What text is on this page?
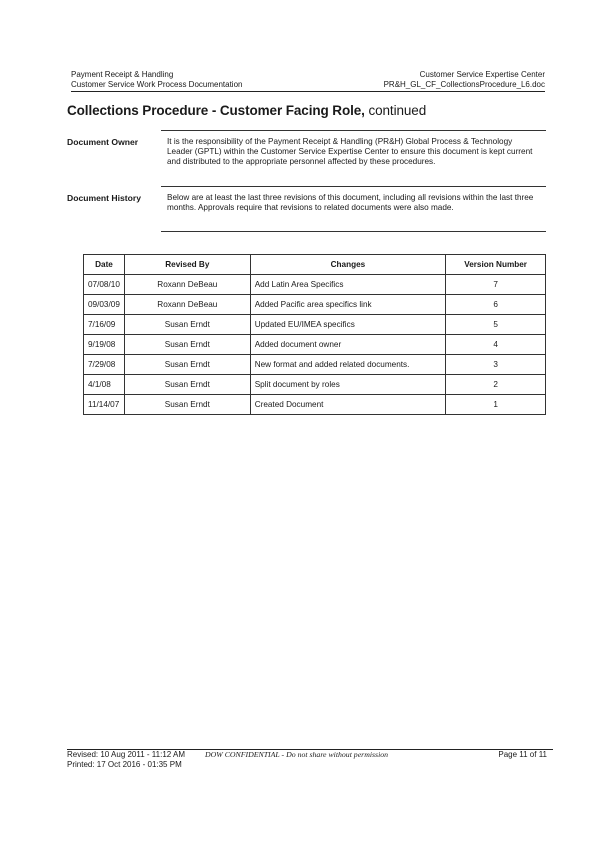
Payment Receipt & Handling	Customer Service Expertise Center
Customer Service Work Process Documentation	PR&H_GL_CF_CollectionsProcedure_L6.doc
Collections Procedure - Customer Facing Role, continued
Document Owner	It is the responsibility of the Payment Receipt & Handling (PR&H) Global Process & Technology Leader (GPTL) within the Customer Service Expertise Center to ensure this document is kept current and distributed to the appropriate personnel affected by these procedures.
Document History	Below are at least the last three revisions of this document, including all revisions within the last three months. Approvals require that revisions to related documents were also made.
Date	Revised By	Changes	Version Number
07/08/10	Roxann DeBeau	Add Latin Area Specifics	7
09/03/09	Roxann DeBeau	Added Pacific area specifics link	6
7/16/09	Susan Erndt	Updated EU/IMEA specifics	5
9/19/08	Susan Erndt	Added document owner	4
7/29/08	Susan Erndt	New format and added related documents.	3
4/1/08	Susan Erndt	Split document by roles	2
11/14/07	Susan Erndt	Created Document	1
Revised: 10 Aug 2011 - 11:12 AM	DOW CONFIDENTIAL - Do not share without permission	Page 11 of 11
Printed: 17 Oct 2016 - 01:35 PM
